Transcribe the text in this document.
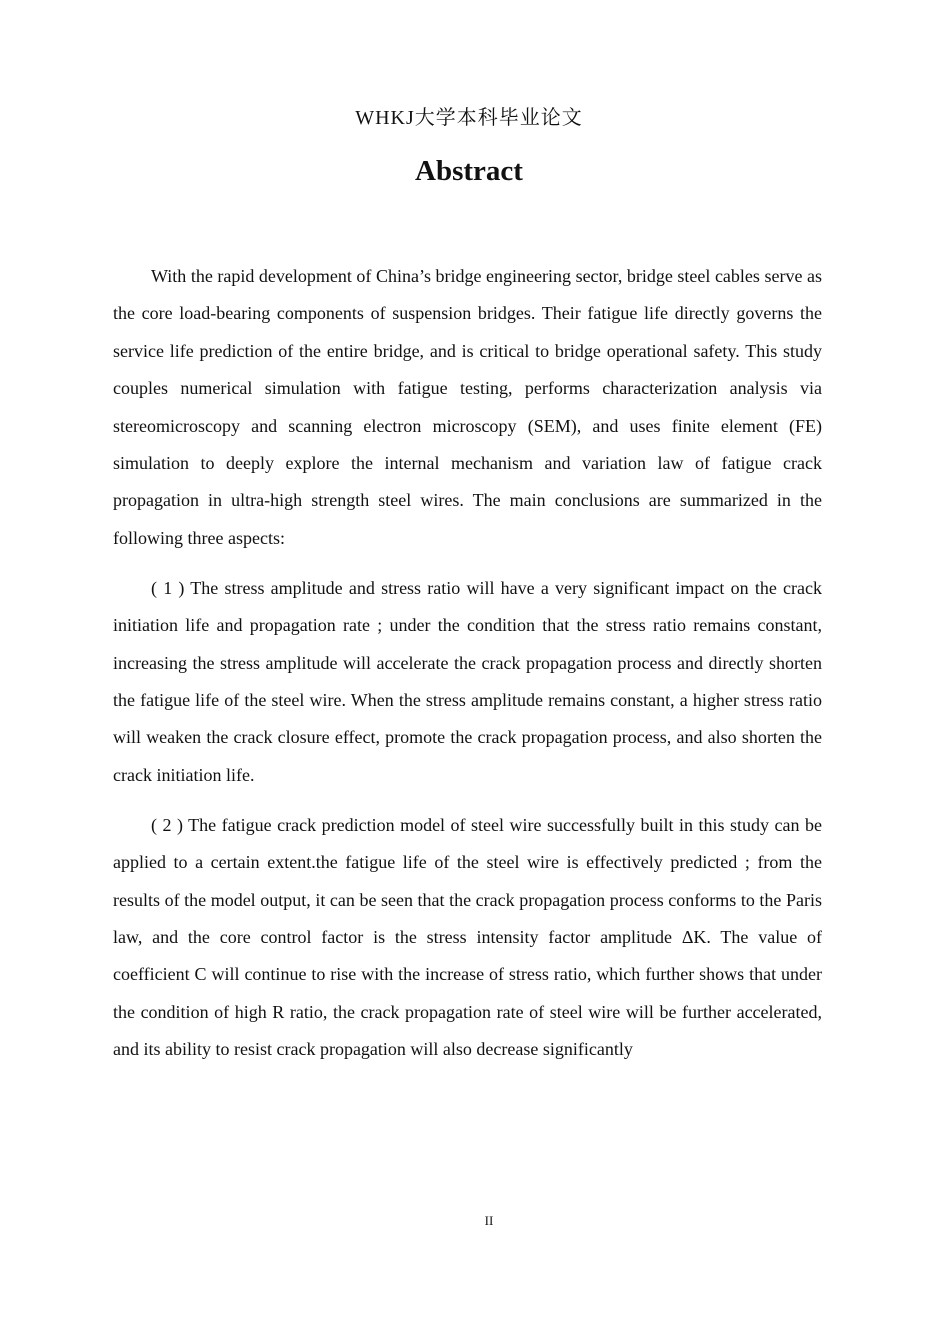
WHKJ大学本科毕业论文
Abstract

With the rapid development of China’s bridge engineering sector, bridge steel cables serve as the core load-bearing components of suspension bridges. Their fatigue life directly governs the service life prediction of the entire bridge, and is critical to bridge operational safety. This study couples numerical simulation with fatigue testing, performs characterization analysis via stereomicroscopy and scanning electron microscopy (SEM), and uses finite element (FE) simulation to deeply explore the internal mechanism and variation law of fatigue crack propagation in ultra-high strength steel wires. The main conclusions are summarized in the following three aspects:

( 1 ) The stress amplitude and stress ratio will have a very significant impact on the crack initiation life and propagation rate ; under the condition that the stress ratio remains constant, increasing the stress amplitude will accelerate the crack propagation process and directly shorten the fatigue life of the steel wire. When the stress amplitude remains constant, a higher stress ratio will weaken the crack closure effect, promote the crack propagation process, and also shorten the crack initiation life.

( 2 ) The fatigue crack prediction model of steel wire successfully built in this study can be applied to a certain extent.the fatigue life of the steel wire is effectively predicted ; from the results of the model output, it can be seen that the crack propagation process conforms to the Paris law, and the core control factor is the stress intensity factor amplitude ΔK. The value of coefficient C will continue to rise with the increase of stress ratio, which further shows that under the condition of high R ratio, the crack propagation rate of steel wire will be further accelerated, and its ability to resist crack propagation will also decrease significantly

II
